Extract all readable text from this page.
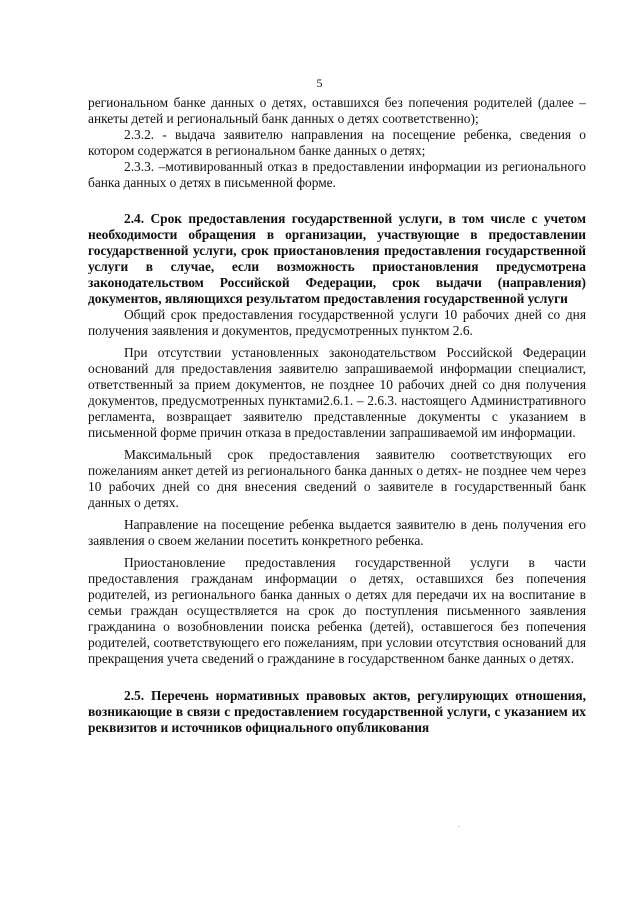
5

региональном банке данных о детях, оставшихся без попечения родителей (далее – анкеты детей и региональный банк данных о детях соответственно);

2.3.2. - выдача заявителю направления на посещение ребенка, сведения о котором содержатся в региональном банке данных о детях;

2.3.3. –мотивированный отказ в предоставлении информации из регионального банка данных о детях в письменной форме.

2.4. Срок предоставления государственной услуги, в том числе с учетом необходимости обращения в организации, участвующие в предоставлении государственной услуги, срок приостановления предоставления государственной услуги в случае, если возможность приостановления предусмотрена законодательством Российской Федерации, срок выдачи (направления) документов, являющихся результатом предоставления государственной услуги

Общий срок предоставления государственной услуги 10 рабочих дней со дня получения заявления и документов, предусмотренных пунктом 2.6.

При отсутствии установленных законодательством Российской Федерации оснований для предоставления заявителю запрашиваемой информации специалист, ответственный за прием документов, не позднее 10 рабочих дней со дня получения документов, предусмотренных пунктами2.6.1. – 2.6.3. настоящего Административного регламента, возвращает заявителю представленные документы с указанием в письменной форме причин отказа в предоставлении запрашиваемой им информации.

Максимальный срок предоставления заявителю соответствующих его пожеланиям анкет детей из регионального банка данных о детях- не позднее чем через 10 рабочих дней со дня внесения сведений о заявителе в государственный банк данных о детях.

Направление на посещение ребенка выдается заявителю в день получения его заявления о своем желании посетить конкретного ребенка.

Приостановление предоставления государственной услуги в части предоставления гражданам информации о детях, оставшихся без попечения родителей, из регионального банка данных о детях для передачи их на воспитание в семьи граждан осуществляется на срок до поступления письменного заявления гражданина о возобновлении поиска ребенка (детей), оставшегося без попечения родителей, соответствующего его пожеланиям, при условии отсутствия оснований для прекращения учета сведений о гражданине в государственном банке данных о детях.

2.5. Перечень нормативных правовых актов, регулирующих отношения, возникающие в связи с предоставлением государственной услуги, с указанием их реквизитов и источников официального опубликования

.
